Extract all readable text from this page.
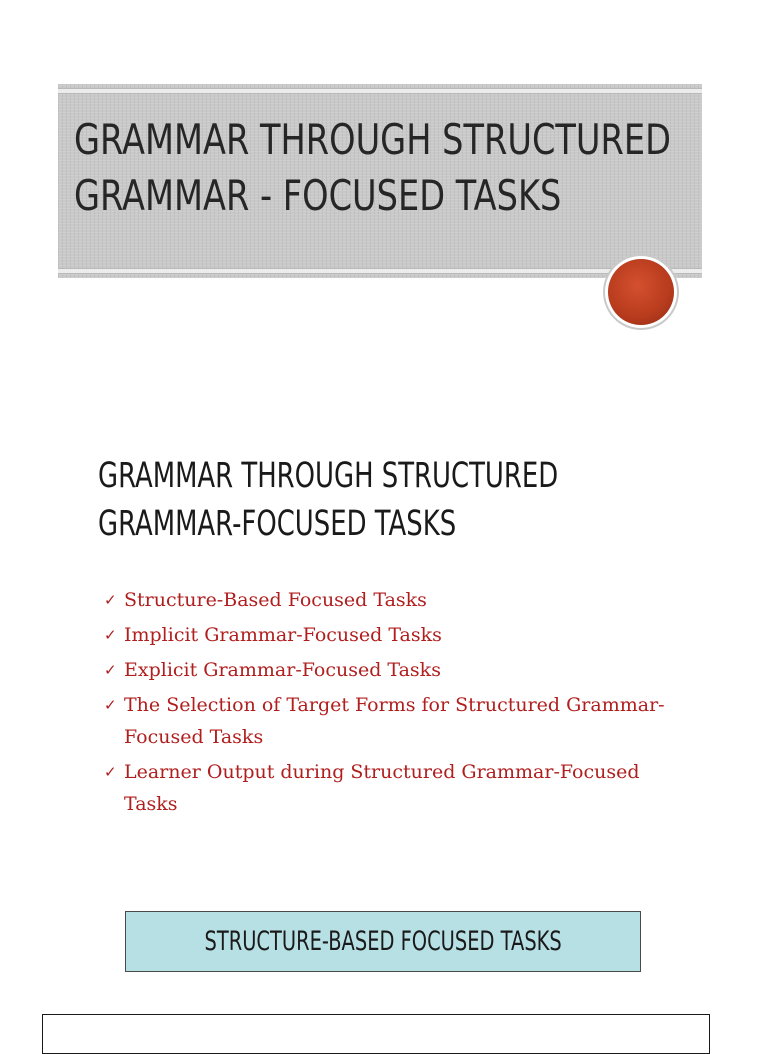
GRAMMAR THROUGH STRUCTURED
GRAMMAR - FOCUSED TASKS
GRAMMAR THROUGH STRUCTURED
GRAMMAR-FOCUSED TASKS
✓ Structure-Based Focused Tasks
✓ Implicit Grammar-Focused Tasks
✓ Explicit Grammar-Focused Tasks
✓ The Selection of Target Forms for Structured Grammar-Focused Tasks
✓ Learner Output during Structured Grammar-Focused Tasks
STRUCTURE-BASED FOCUSED TASKS
